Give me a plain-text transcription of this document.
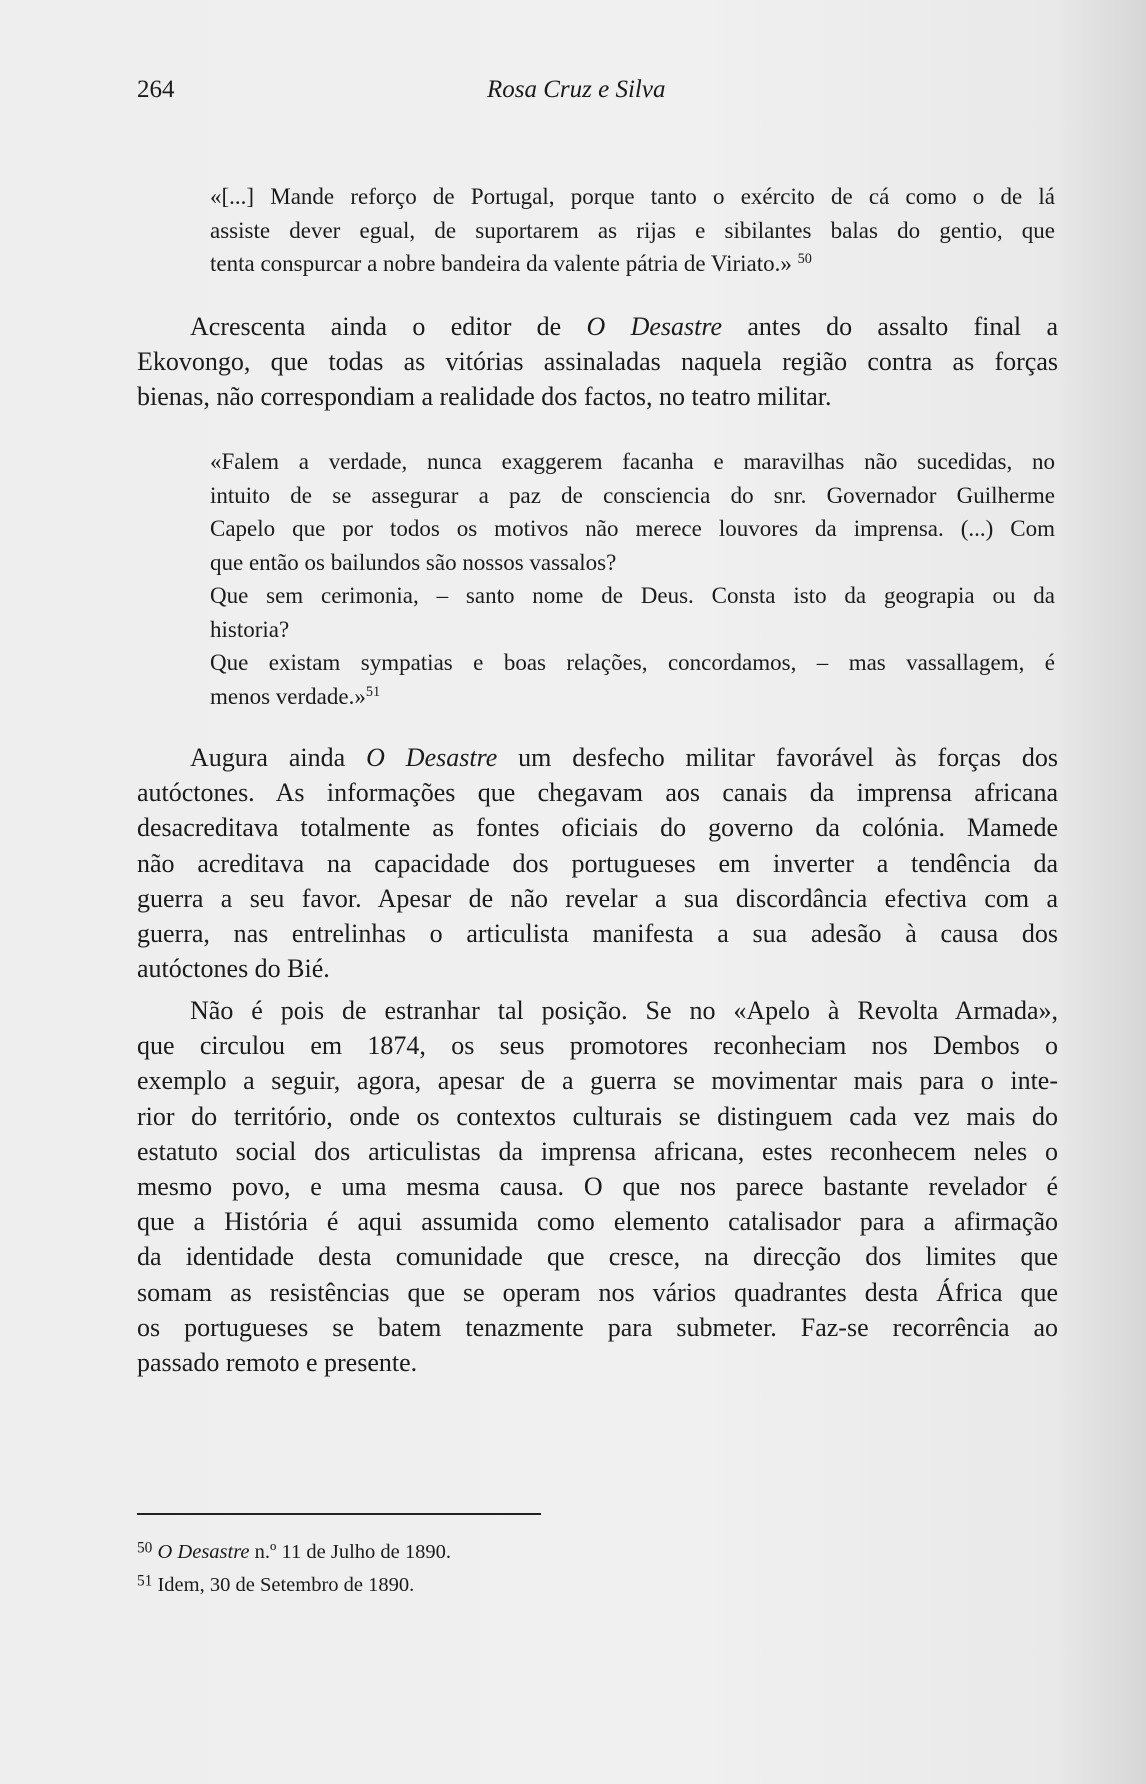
264	Rosa Cruz e Silva
«[...] Mande reforço de Portugal, porque tanto o exército de cá como o de lá
assiste dever egual, de suportarem as rijas e sibilantes balas do gentio, que
tenta conspurcar a nobre bandeira da valente pátria de Viriato.» $^{50}$
Acrescenta ainda o editor de O Desastre antes do assalto final a
Ekovongo, que todas as vitórias assinaladas naquela região contra as forças
bienas, não correspondiam a realidade dos factos, no teatro militar.
«Falem a verdade, nunca exaggerem facanha e maravilhas não sucedidas, no
intuito de se assegurar a paz de consciencia do snr. Governador Guilherme
Capelo que por todos os motivos não merece louvores da imprensa. (...) Com
que então os bailundos são nossos vassalos?
Que sem cerimonia, – santo nome de Deus. Consta isto da geograpia ou da
historia?
Que existam sympatias e boas relações, concordamos, – mas vassallagem, é
menos verdade.»$^{51}$
Augura ainda O Desastre um desfecho militar favorável às forças dos
autóctones. As informações que chegavam aos canais da imprensa africana
desacreditava totalmente as fontes oficiais do governo da colónia. Mamede
não acreditava na capacidade dos portugueses em inverter a tendência da
guerra a seu favor. Apesar de não revelar a sua discordância efectiva com a
guerra, nas entrelinhas o articulista manifesta a sua adesão à causa dos
autóctones do Bié.
Não é pois de estranhar tal posição. Se no «Apelo à Revolta Armada»,
que circulou em 1874, os seus promotores reconheciam nos Dembos o
exemplo a seguir, agora, apesar de a guerra se movimentar mais para o inte-
rior do território, onde os contextos culturais se distinguem cada vez mais do
estatuto social dos articulistas da imprensa africana, estes reconhecem neles o
mesmo povo, e uma mesma causa. O que nos parece bastante revelador é
que a História é aqui assumida como elemento catalisador para a afirmação
da identidade desta comunidade que cresce, na direcção dos limites que
somam as resistências que se operam nos vários quadrantes desta África que
os portugueses se batem tenazmente para submeter. Faz-se recorrência ao
passado remoto e presente.
$^{50}$ O Desastre n.º 11 de Julho de 1890.
$^{51}$ Idem, 30 de Setembro de 1890.
